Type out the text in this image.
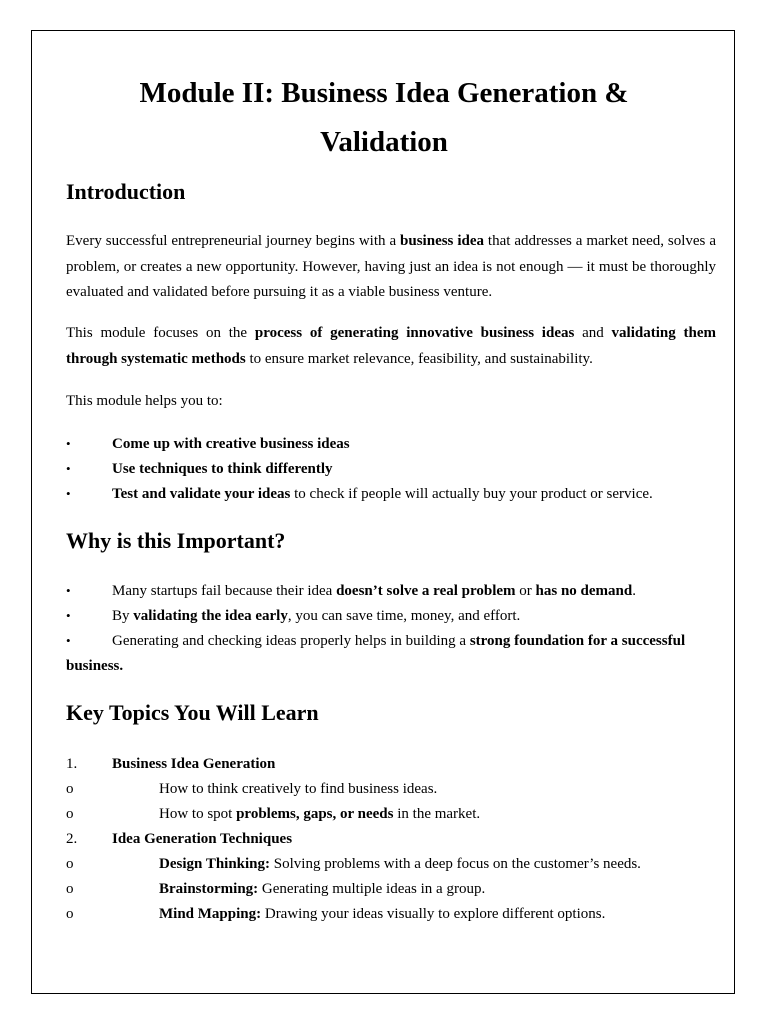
Module II: Business Idea Generation &
Validation
Introduction
Every successful entrepreneurial journey begins with a business idea that addresses a market need, solves a problem, or creates a new opportunity. However, having just an idea is not enough — it must be thoroughly evaluated and validated before pursuing it as a viable business venture.
This module focuses on the process of generating innovative business ideas and validating them through systematic methods to ensure market relevance, feasibility, and sustainability.
This module helps you to:
•	Come up with creative business ideas
•	Use techniques to think differently
•	Test and validate your ideas to check if people will actually buy your product or service.
Why is this Important?
•	Many startups fail because their idea doesn’t solve a real problem or has no demand.
•	By validating the idea early, you can save time, money, and effort.
•	Generating and checking ideas properly helps in building a strong foundation for a successful
business.
Key Topics You Will Learn
1. Business Idea Generation
o	How to think creatively to find business ideas.
o	How to spot problems, gaps, or needs in the market.
2. Idea Generation Techniques
o	Design Thinking: Solving problems with a deep focus on the customer’s needs.
o	Brainstorming: Generating multiple ideas in a group.
o	Mind Mapping: Drawing your ideas visually to explore different options.
